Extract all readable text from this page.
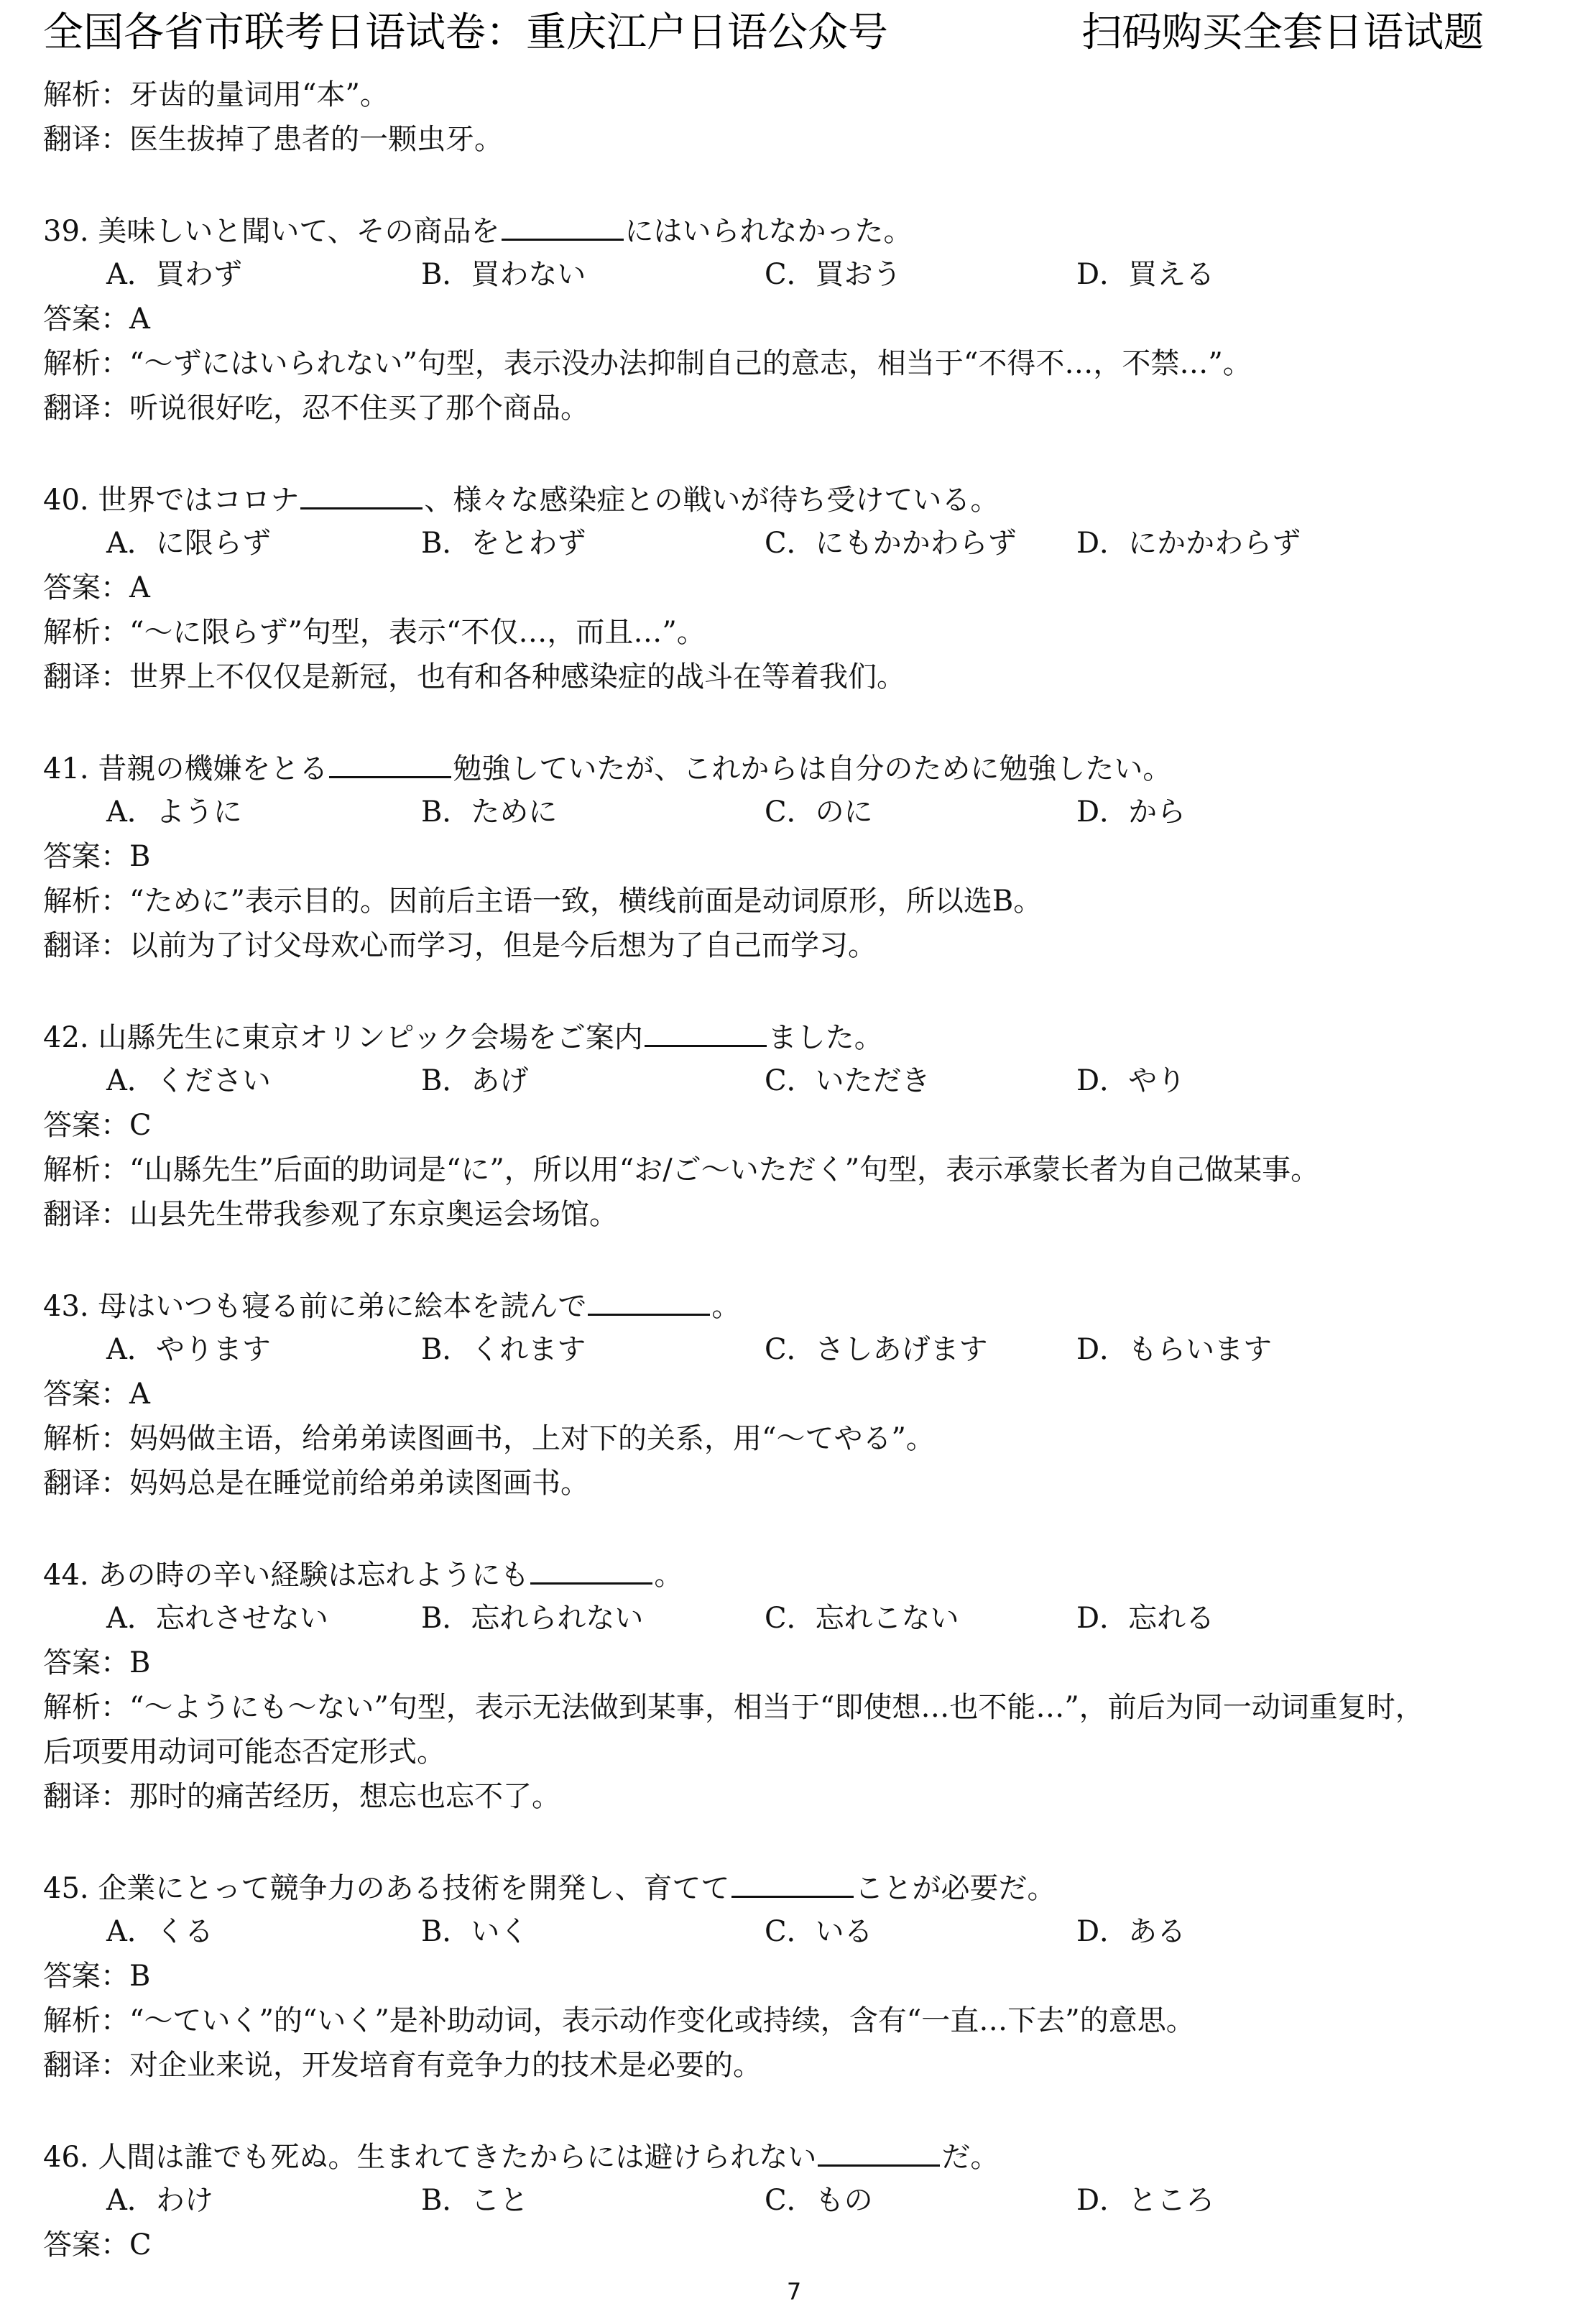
全国各省市联考日语试卷：重庆江户日语公众号	扫码购买全套日语试题
解析：牙齿的量词用“本”。
翻译：医生拔掉了患者的一颗虫牙。
39. 美味しいと聞いて、その商品を	にはいられなかった。
A．買わず	B．買わない	C．買おう	D．買える
答案：A
解析：“～ずにはいられない”句型，表示没办法抑制自己的意志，相当于“不得不…，不禁…”。
翻译：听说很好吃，忍不住买了那个商品。
40. 世界ではコロナ	、様々な感染症との戦いが待ち受けている。
A．に限らず	B．をとわず	C．にもかかわらず D．にかかわらず
答案：A
解析：“～に限らず”句型，表示“不仅…，而且…”。
翻译：世界上不仅仅是新冠，也有和各种感染症的战斗在等着我们。
41. 昔親の機嫌をとる	勉強していたが、これからは自分のために勉強したい。
A．ように	B．ために	C．のに	D．から
答案：B
解析：“ために”表示目的。因前后主语一致，横线前面是动词原形，所以选B。
翻译：以前为了讨父母欢心而学习，但是今后想为了自己而学习。
42. 山縣先生に東京オリンピック会場をご案内	ました。
A．ください	B．あげ	C．いただき	D．やり
答案：C
解析：“山縣先生”后面的助词是“に”，所以用“お/ご～いただく”句型，表示承蒙长者为自己做某事。
翻译：山县先生带我参观了东京奥运会场馆。
43. 母はいつも寝る前に弟に絵本を読んで	。
A．やります	B．くれます	C．さしあげます	D．もらいます
答案：A
解析：妈妈做主语，给弟弟读图画书，上对下的关系，用“～てやる”。
翻译：妈妈总是在睡觉前给弟弟读图画书。
44. あの時の辛い経験は忘れようにも	。
A．忘れさせない	B．忘れられない	C．忘れこない	D．忘れる
答案：B
解析：“～ようにも～ない”句型，表示无法做到某事，相当于“即使想…也不能…”，前后为同一动词重复时，
后项要用动词可能态否定形式。
翻译：那时的痛苦经历，想忘也忘不了。
45. 企業にとって競争力のある技術を開発し、育てて	ことが必要だ。
A．くる	B．いく	C．いる	D．ある
答案：B
解析：“～ていく”的“いく”是补助动词，表示动作变化或持续，含有“一直…下去”的意思。
翻译：对企业来说，开发培育有竞争力的技术是必要的。
46. 人間は誰でも死ぬ。生まれてきたからには避けられない	だ。
A．わけ	B．こと	C．もの	D．ところ
答案：C
7
